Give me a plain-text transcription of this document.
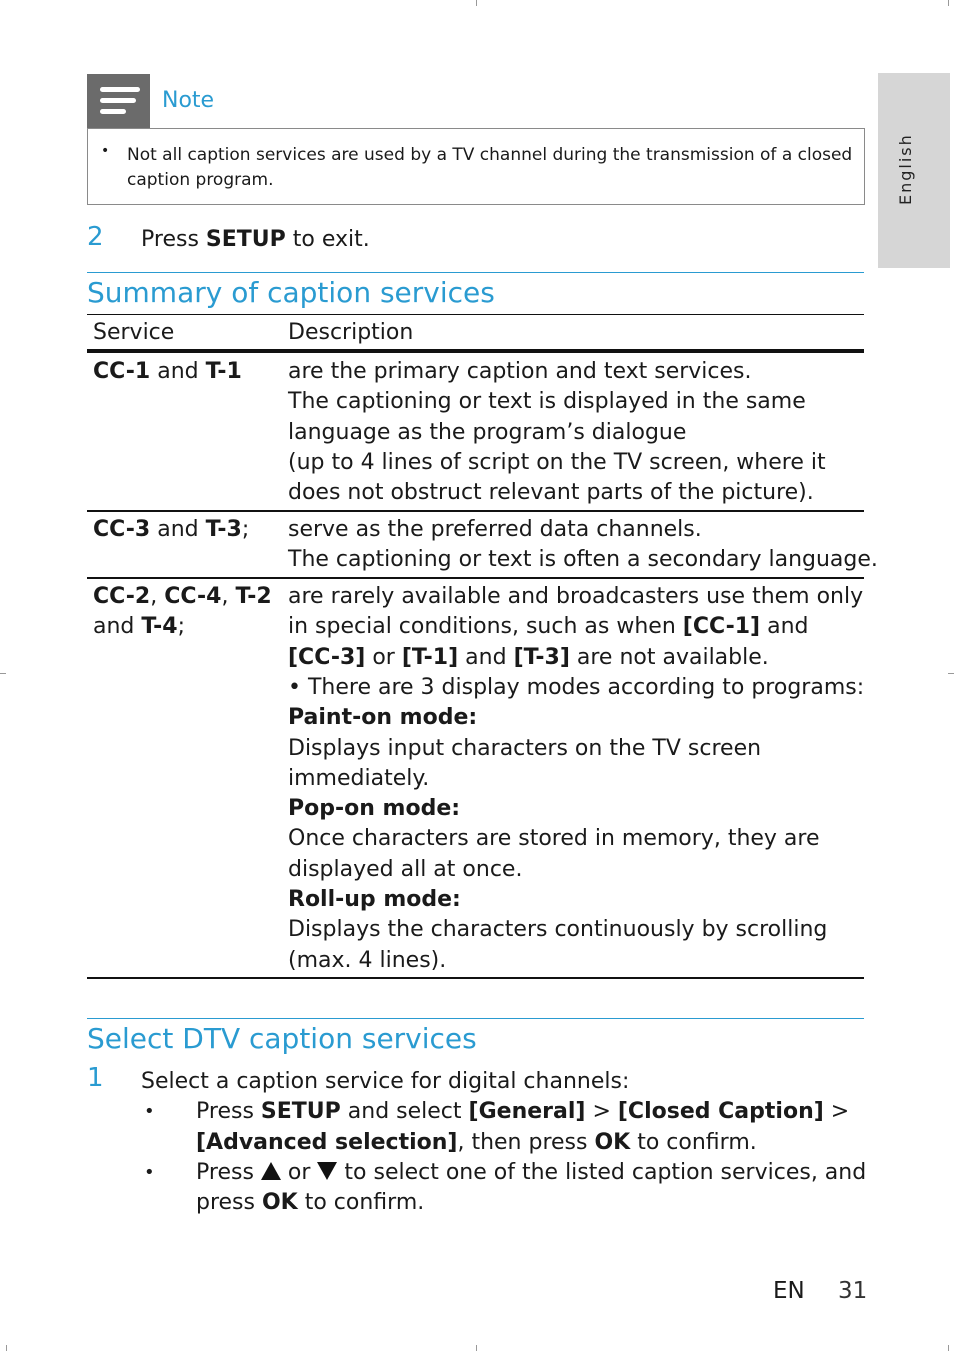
English
Note
• Not all caption services are used by a TV channel during the transmission of a closed caption program.
2 Press SETUP to exit.
Summary of caption services
Service	Description
CC-1 and T-1 are the primary caption and text services.
The captioning or text is displayed in the same
language as the program’s dialogue
(up to 4 lines of script on the TV screen, where it
does not obstruct relevant parts of the picture).
CC-3 and T-3; serve as the preferred data channels.
The captioning or text is often a secondary language.
CC-2, CC-4, T-2
and T-4;
are rarely available and broadcasters use them only
in special conditions, such as when [CC-1] and
[CC-3] or [T-1] and [T-3] are not available.
• There are 3 display modes according to programs:
Paint-on mode:
Displays input characters on the TV screen
immediately.
Pop-on mode:
Once characters are stored in memory, they are
displayed all at once.
Roll-up mode:
Displays the characters continuously by scrolling
(max. 4 lines).
Select DTV caption services
1 Select a caption service for digital channels:
• Press SETUP and select [General] > [Closed Caption] >
[Advanced selection], then press OK to confirm.
• Press  or  to select one of the listed caption services, and
press OK to confirm.
EN 31
